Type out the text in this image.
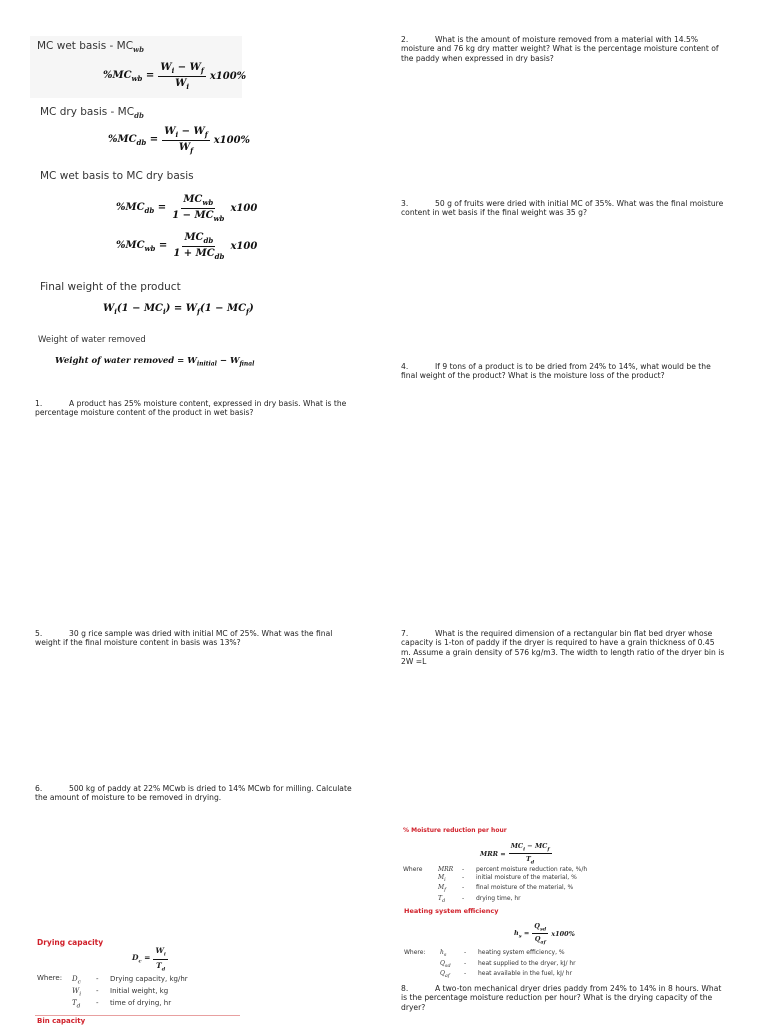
MC wet basis - $MC_{wb}$
$\%MC_{wb} = \frac{W_i - W_f}{W_i} x100\%$
MC dry basis - $MC_{db}$
$\%MC_{db} = \frac{W_i - W_f}{W_f} x100\%$
MC wet basis to MC dry basis
$\%MC_{db} = \frac{MC_{wb}}{1 - MC_{wb}} x100$
$\%MC_{wb} = \frac{MC_{db}}{1 + MC_{db}} x100$
Final weight of the product
$W_i(1 - MC_i) = W_f(1 - MC_f)$
Weight of water removed
Weight of water removed = $W_{initial} - W_{final}$
1.	A product has 25% moisture content, expressed in dry basis. What is the
percentage moisture content of the product in wet basis?
2.	What is the amount of moisture removed from a material with 14.5%
moisture and 76 kg dry matter weight? What is the percentage moisture content of
the paddy when expressed in dry basis?
3.	50 g of fruits were dried with initial MC of 35%. What was the final moisture
content in wet basis if the final weight was 35 g?
4.	If 9 tons of a product is to be dried from 24% to 14%, what would be the
final weight of the product? What is the moisture loss of the product?
5.	30 g rice sample was dried with initial MC of 25%. What was the final
weight if the final moisture content in basis was 13%?
6.	500 kg of paddy at 22% MCwb is dried to 14% MCwb for milling. Calculate
the amount of moisture to be removed in drying.
7.	What is the required dimension of a rectangular bin flat bed dryer whose
capacity is 1-ton of paddy if the dryer is required to have a grain thickness of 0.45
m. Assume a grain density of 576 kg/m3. The width to length ratio of the dryer bin is
2W =L
8.	A two-ton mechanical dryer dries paddy from 24% to 14% in 8 hours. What
is the percentage moisture reduction per hour? What is the drying capacity of the
dryer?
% Moisture reduction per hour
MRR = $\frac{MC_i - MC_f}{T_d}$
Where	MRR	-	percent moisture reduction rate, %/h
$M_i$	-	initial moisture of the material, %
$M_f$	-	final moisture of the material, %
$T_d$	-	drying time, hr
Heating system efficiency
$h_s = \frac{Q_{sd}}{Q_{af}} x100\%$
Where: $h_s$	-	heating system efficiency, %
$Q_{sd}$	-	heat supplied to the dryer, kJ/ hr
$Q_{af}$	-	heat available in the fuel, kJ/ hr
Drying capacity
$D_c = \frac{W_i}{T_d}$
Where: $D_c$	-	Drying capacity, kg/hr
$W_i$	-	Initial weight, kg
$T_d$	-	time of drying, hr
Bin capacity
